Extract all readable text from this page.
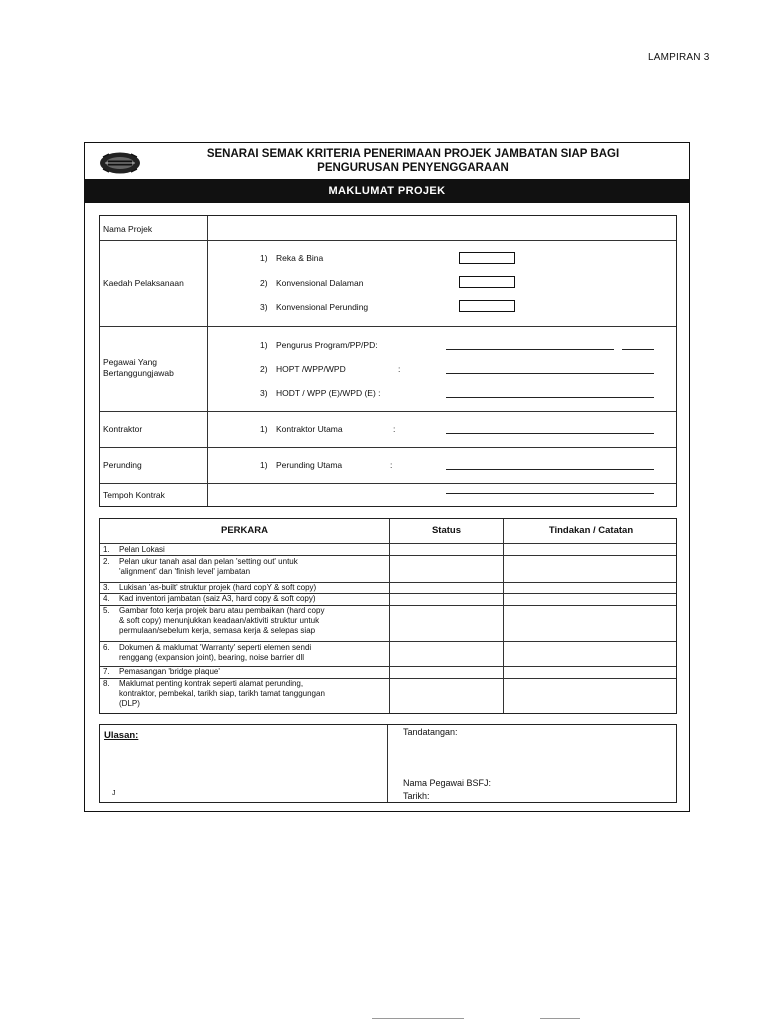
LAMPIRAN 3
SENARAI SEMAK KRITERIA PENERIMAAN PROJEK JAMBATAN SIAP BAGI
PENGURUSAN PENYENGGARAAN
MAKLUMAT PROJEK
Nama Projek
Kaedah Pelaksanaan
1) Reka & Bina
2) Konvensional Dalaman
3) Konvensional Perunding
Pegawai Yang
Bertanggungjawab
1) Pengurus Program/PP/PD:
2) HOPT /WPP/WPD	:
3) HODT / WPP (E)/WPD (E) :
Kontraktor	1) Kontraktor Utama	:
Perunding	1) Perunding Utama	:
Tempoh Kontrak
PERKARA	Status	Tindakan / Catatan
1.	Pelan Lokasi
2.	Pelan ukur tanah asal dan pelan 'setting out' untuk
'alignment' dan 'finish level' jambatan
3.	Lukisan 'as-built' struktur projek (hard copY & soft copy)
4.	Kad inventori jambatan (saiz A3, hard copy & soft copy)
5.	Gambar foto kerja projek baru atau pembaikan (hard copy
& soft copy) menunjukkan keadaan/aktiviti struktur untuk
permulaan/sebelum kerja, semasa kerja & selepas siap
6.	Dokumen & maklumat 'Warranty' seperti elemen sendi
renggang (expansion joint), bearing, noise barrier dll
7.	Pemasangan 'bridge plaque'
8.	Maklumat penting kontrak seperti alamat perunding,
kontraktor, pembekal, tarikh siap, tarikh tamat tanggungan
(DLP)
Ulasan:
J
Tandatangan:
Nama Pegawai BSFJ:
Tarikh:
